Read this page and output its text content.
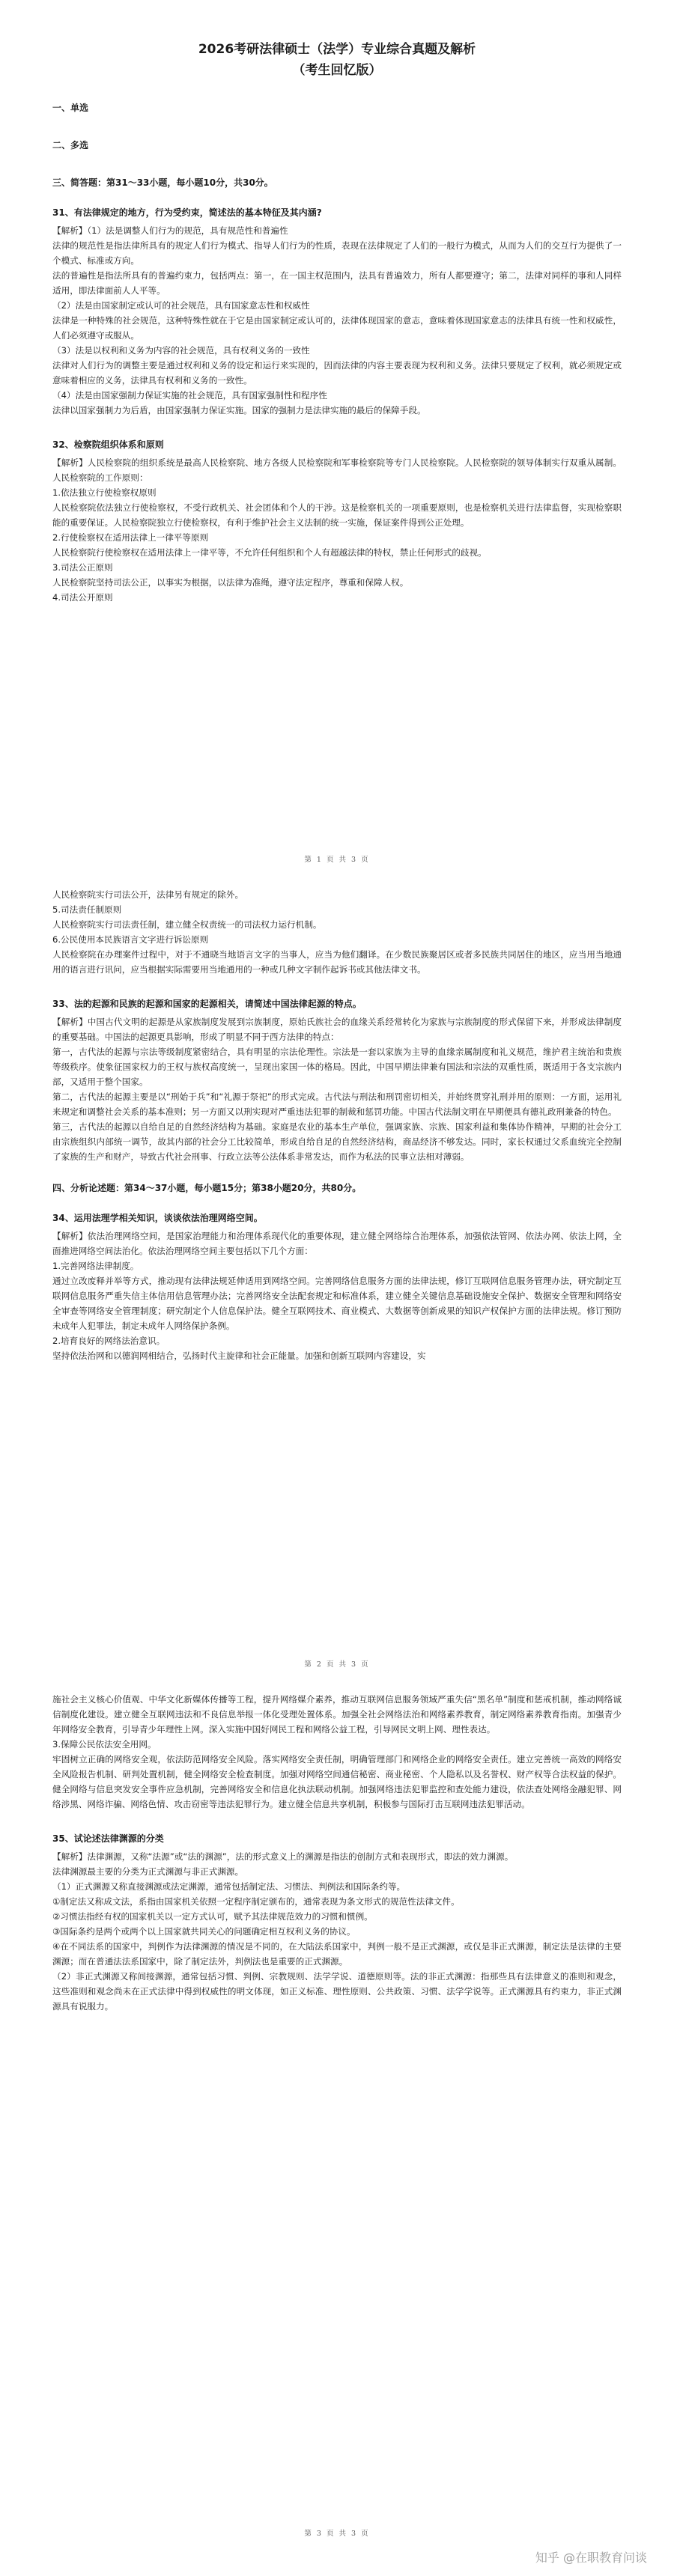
2026考研法律硕士（法学）专业综合真题及解析
（考生回忆版）

一、单选

二、多选

三、简答题：第31～33小题，每小题10分，共30分。

31、有法律规定的地方，行为受约束，简述法的基本特征及其内涵?

【解析】（1）法是调整人们行为的规范，具有规范性和普遍性

法律的规范性是指法律所具有的规定人们行为模式、指导人们行为的性质，表现在法律规定了人们的一般行为模式，从而为人们的交互行为提供了一个模式、标准或方向。

法的普遍性是指法所具有的普遍约束力，包括两点：第一，在一国主权范围内，法具有普遍效力，所有人都要遵守；第二，法律对同样的事和人同样适用，即法律面前人人平等。

（2）法是由国家制定或认可的社会规范，具有国家意志性和权威性

法律是一种特殊的社会规范，这种特殊性就在于它是由国家制定或认可的，法律体现国家的意志，意味着体现国家意志的法律具有统一性和权威性，人们必须遵守或服从。

（3）法是以权利和义务为内容的社会规范，具有权利义务的一致性

法律对人们行为的调整主要是通过权利和义务的设定和运行来实现的，因而法律的内容主要表现为权利和义务。法律只要规定了权利，就必须规定或意味着相应的义务，法律具有权利和义务的一致性。

（4）法是由国家强制力保证实施的社会规范，具有国家强制性和程序性

法律以国家强制力为后盾，由国家强制力保证实施。国家的强制力是法律实施的最后的保障手段。

32、检察院组织体系和原则

【解析】人民检察院的组织系统是最高人民检察院、地方各级人民检察院和军事检察院等专门人民检察院。人民检察院的领导体制实行双重从属制。人民检察院的工作原则：

1.依法独立行使检察权原则

人民检察院依法独立行使检察权，不受行政机关、社会团体和个人的干涉。这是检察机关的一项重要原则，也是检察机关进行法律监督，实现检察职能的重要保证。人民检察院独立行使检察权，有利于维护社会主义法制的统一实施，保证案件得到公正处理。

2.行使检察权在适用法律上一律平等原则

人民检察院行使检察权在适用法律上一律平等，不允许任何组织和个人有超越法律的特权，禁止任何形式的歧视。

3.司法公正原则

人民检察院坚持司法公正，以事实为根据，以法律为准绳，遵守法定程序，尊重和保障人权。

4.司法公开原则

第 1 页 共 3 页

人民检察院实行司法公开，法律另有规定的除外。

5.司法责任制原则

人民检察院实行司法责任制，建立健全权责统一的司法权力运行机制。

6.公民使用本民族语言文字进行诉讼原则

人民检察院在办理案件过程中，对于不通晓当地语言文字的当事人，应当为他们翻译。在少数民族聚居区或者多民族共同居住的地区，应当用当地通用的语言进行讯问，应当根据实际需要用当地通用的一种或几种文字制作起诉书或其他法律文书。

33、法的起源和民族的起源和国家的起源相关，请简述中国法律起源的特点。

【解析】中国古代文明的起源是从家族制度发展到宗族制度，原始氏族社会的血缘关系经常转化为家族与宗族制度的形式保留下来，并形成法律制度的重要基础。中国法的起源更具影响，形成了明显不同于西方法律的特点：

第一，古代法的起源与宗法等级制度紧密结合，具有明显的宗法伦理性。宗法是一套以家族为主导的血缘亲属制度和礼义规范，维护君主统治和贵族等级秩序。使象征国家权力的王权与族权高度统一，呈现出家国一体的格局。因此，中国早期法律兼有国法和宗法的双重性质，既适用于各支宗族内部，又适用于整个国家。

第二，古代法的起源主要是以“刑始于兵”和“礼源于祭祀”的形式完成。古代法与刑法和刑罚密切相关，并始终贯穿礼刑并用的原则：一方面，运用礼来规定和调整社会关系的基本准则；另一方面又以刑实现对严重违法犯罪的制裁和惩罚功能。中国古代法制文明在早期便具有德礼政刑兼备的特色。

第三，古代法的起源以自给自足的自然经济结构为基础。家庭是农业的基本生产单位，强调家族、宗族、国家利益和集体协作精神，早期的社会分工由宗族组织内部统一调节，故其内部的社会分工比较简单，形成自给自足的自然经济结构，商品经济不够发达。同时，家长权通过父系血统完全控制了家族的生产和财产，导致古代社会刑事、行政立法等公法体系非常发达，而作为私法的民事立法相对薄弱。

四、分析论述题：第34～37小题，每小题15分；第38小题20分，共80分。

34、运用法理学相关知识，谈谈依法治理网络空间。

【解析】依法治理网络空间，是国家治理能力和治理体系现代化的重要体现，建立健全网络综合治理体系，加强依法管网、依法办网、依法上网，全面推进网络空间法治化。依法治理网络空间主要包括以下几个方面：

1.完善网络法律制度。

通过立改废释并举等方式，推动现有法律法规延伸适用到网络空间。完善网络信息服务方面的法律法规，修订互联网信息服务管理办法，研究制定互联网信息服务严重失信主体信用信息管理办法；完善网络安全法配套规定和标准体系，建立健全关键信息基础设施安全保护、数据安全管理和网络安全审查等网络安全管理制度；研究制定个人信息保护法。健全互联网技术、商业模式、大数据等创新成果的知识产权保护方面的法律法规。修订预防未成年人犯罪法，制定未成年人网络保护条例。

2.培育良好的网络法治意识。

坚持依法治网和以德润网相结合，弘扬时代主旋律和社会正能量。加强和创新互联网内容建设，实

第 2 页 共 3 页

施社会主义核心价值观、中华文化新媒体传播等工程，提升网络媒介素养，推动互联网信息服务领域严重失信“黑名单”制度和惩戒机制，推动网络诚信制度化建设。建立健全互联网违法和不良信息举报一体化受理处置体系。加强全社会网络法治和网络素养教育，制定网络素养教育指南。加强青少年网络安全教育，引导青少年理性上网。深入实施中国好网民工程和网络公益工程，引导网民文明上网、理性表达。

3.保障公民依法安全用网。

牢固树立正确的网络安全观，依法防范网络安全风险。落实网络安全责任制，明确管理部门和网络企业的网络安全责任。建立完善统一高效的网络安全风险报告机制、研判处置机制，健全网络安全检查制度。加强对网络空间通信秘密、商业秘密、个人隐私以及名誉权、财产权等合法权益的保护。健全网络与信息突发安全事件应急机制，完善网络安全和信息化执法联动机制。加强网络违法犯罪监控和查处能力建设，依法查处网络金融犯罪、网络涉黑、网络诈骗、网络色情、攻击窃密等违法犯罪行为。建立健全信息共享机制，积极参与国际打击互联网违法犯罪活动。

35、试论述法律渊源的分类

【解析】法律渊源，又称“法源”或“法的渊源”，法的形式意义上的渊源是指法的创制方式和表现形式，即法的效力渊源。

法律渊源最主要的分类为正式渊源与非正式渊源。

（1）正式渊源又称直接渊源或法定渊源，通常包括制定法、习惯法、判例法和国际条约等。

①制定法又称成文法，系指由国家机关依照一定程序制定颁布的，通常表现为条文形式的规范性法律文件。

②习惯法指经有权的国家机关以一定方式认可，赋予其法律规范效力的习惯和惯例。

③国际条约是两个或两个以上国家就共同关心的问题确定相互权利义务的协议。

④在不同法系的国家中，判例作为法律渊源的情况是不同的，在大陆法系国家中，判例一般不是正式渊源，或仅是非正式渊源，制定法是法律的主要渊源；而在普通法法系国家中，除了制定法外，判例法也是重要的正式渊源。

（2）非正式渊源又称间接渊源，通常包括习惯、判例、宗教规则、法学学说、道德原则等。法的非正式渊源：指那些具有法律意义的准则和观念，这些准则和观念尚未在正式法律中得到权威性的明文体现，如正义标准、理性原则、公共政策、习惯、法学学说等。正式渊源具有约束力，非正式渊源具有说服力。

第 3 页 共 3 页
知乎 @在职教育问谈
